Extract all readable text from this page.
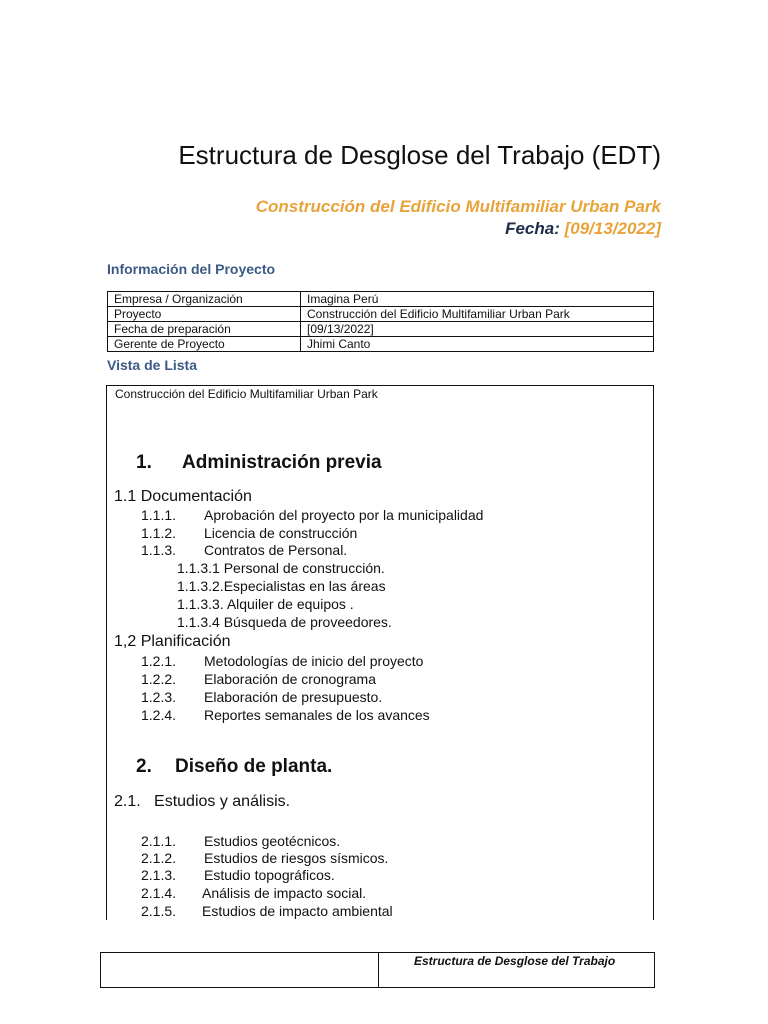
Estructura de Desglose del Trabajo (EDT)
Construcción del Edificio Multifamiliar Urban Park
Fecha: [09/13/2022]
Información del Proyecto
Empresa / Organización	Imagina Perú
Proyecto	Construcción del Edificio Multifamiliar Urban Park
Fecha de preparación	[09/13/2022]
Gerente de Proyecto	Jhimi Canto
Vista de Lista
Construcción del Edificio Multifamiliar Urban Park
1. Administración previa
1.1 Documentación
1.1.1. Aprobación del proyecto por la municipalidad
1.1.2. Licencia de construcción
1.1.3. Contratos de Personal.
1.1.3.1 Personal de construcción.
1.1.3.2.Especialistas en las áreas
1.1.3.3. Alquiler de equipos .
1.1.3.4 Búsqueda de proveedores.
1,2 Planificación
1.2.1. Metodologías de inicio del proyecto
1.2.2. Elaboración de cronograma
1.2.3. Elaboración de presupuesto.
1.2.4. Reportes semanales de los avances
2. Diseño de planta.
2.1.   Estudios y análisis.
2.1.1. Estudios geotécnicos.
2.1.2. Estudios de riesgos sísmicos.
2.1.3. Estudio topográficos.
2.1.4. Análisis de impacto social.
2.1.5. Estudios de impacto ambiental
Estructura de Desglose del Trabajo
